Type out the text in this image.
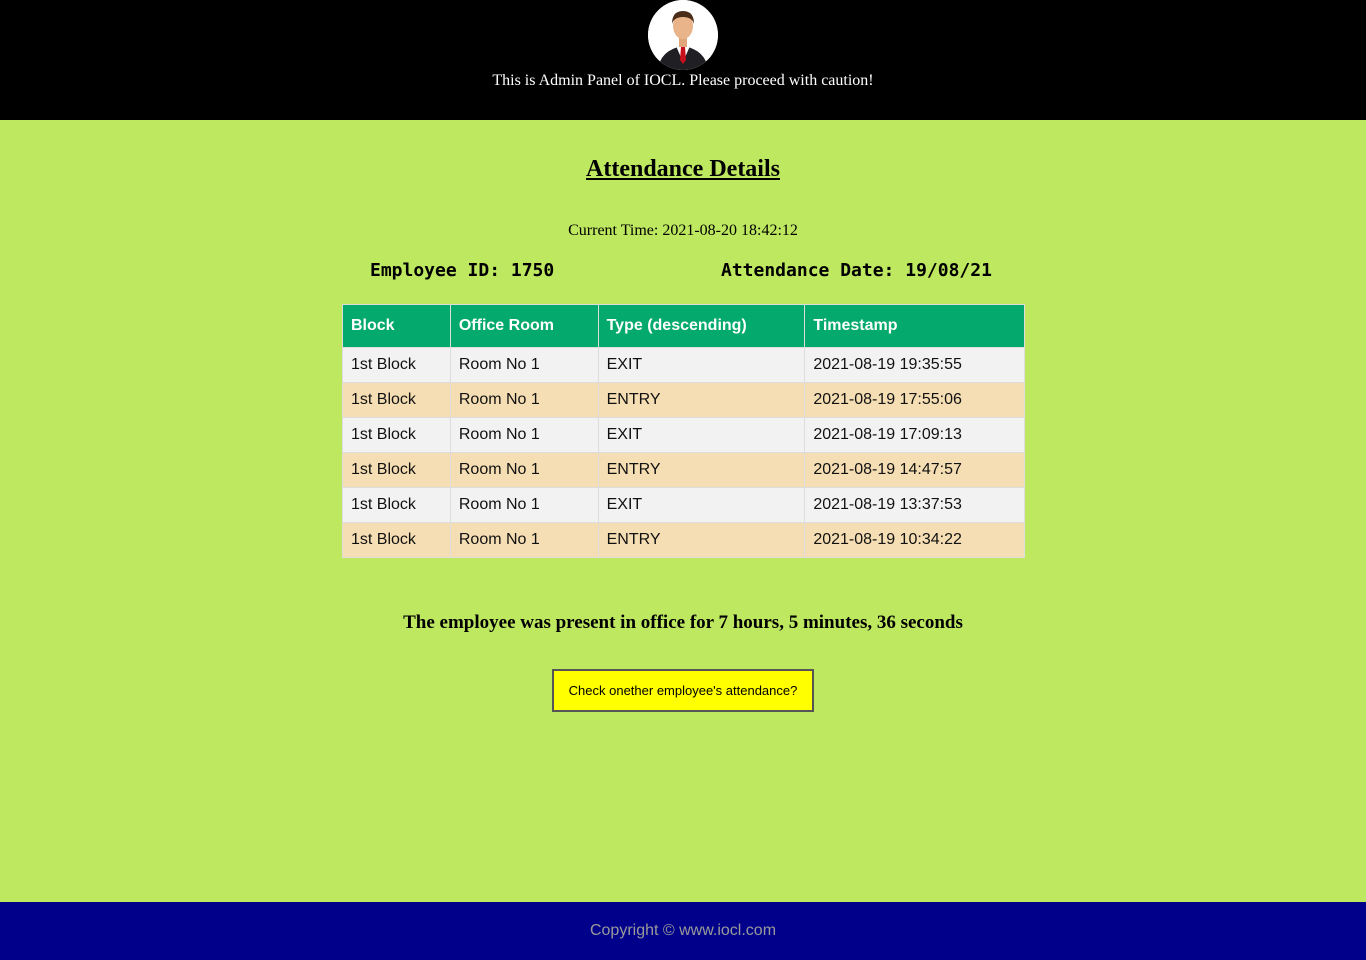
This is Admin Panel of IOCL. Please proceed with caution!
Attendance Details
Current Time: 2021-08-20 18:42:12
Employee ID: 1750	Attendance Date: 19/08/21
Block	Office Room	Type (descending)	Timestamp
1st Block	Room No 1	EXIT	2021-08-19 19:35:55
1st Block	Room No 1	ENTRY	2021-08-19 17:55:06
1st Block	Room No 1	EXIT	2021-08-19 17:09:13
1st Block	Room No 1	ENTRY	2021-08-19 14:47:57
1st Block	Room No 1	EXIT	2021-08-19 13:37:53
1st Block	Room No 1	ENTRY	2021-08-19 10:34:22
The employee was present in office for 7 hours, 5 minutes, 36 seconds
Check onether employee's attendance?
Copyright © www.iocl.com
